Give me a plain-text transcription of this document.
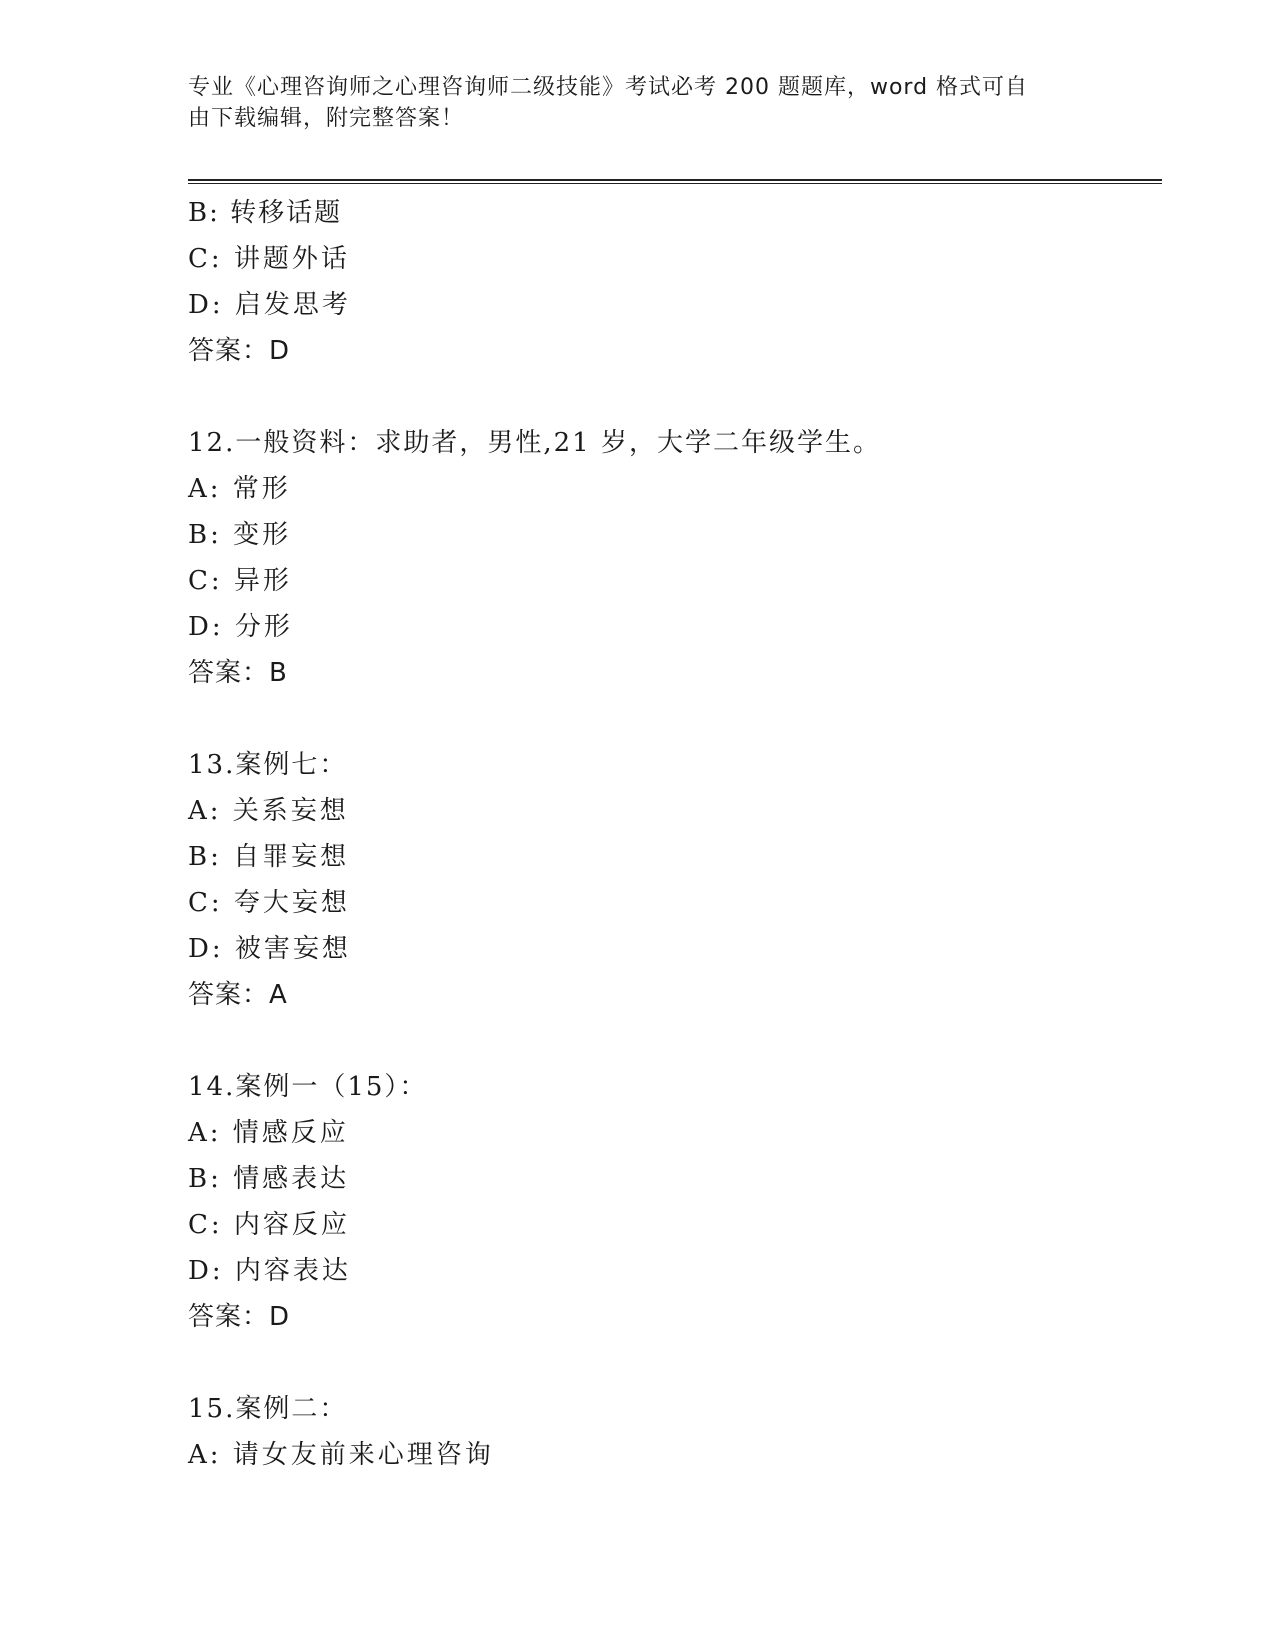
专业《心理咨询师之心理咨询师二级技能》考试必考 200 题题库，word 格式可自
由下载编辑，附完整答案！
B: 转移话题
C: 讲题外话
D: 启发思考
答案：D
12.一般资料：求助者，男性,21 岁，大学二年级学生。
A: 常形
B: 变形
C: 异形
D: 分形
答案：B
13.案例七：
A: 关系妄想
B: 自罪妄想
C: 夸大妄想
D: 被害妄想
答案：A
14.案例一（15）：
A: 情感反应
B: 情感表达
C: 内容反应
D: 内容表达
答案：D
15.案例二：
A: 请女友前来心理咨询
